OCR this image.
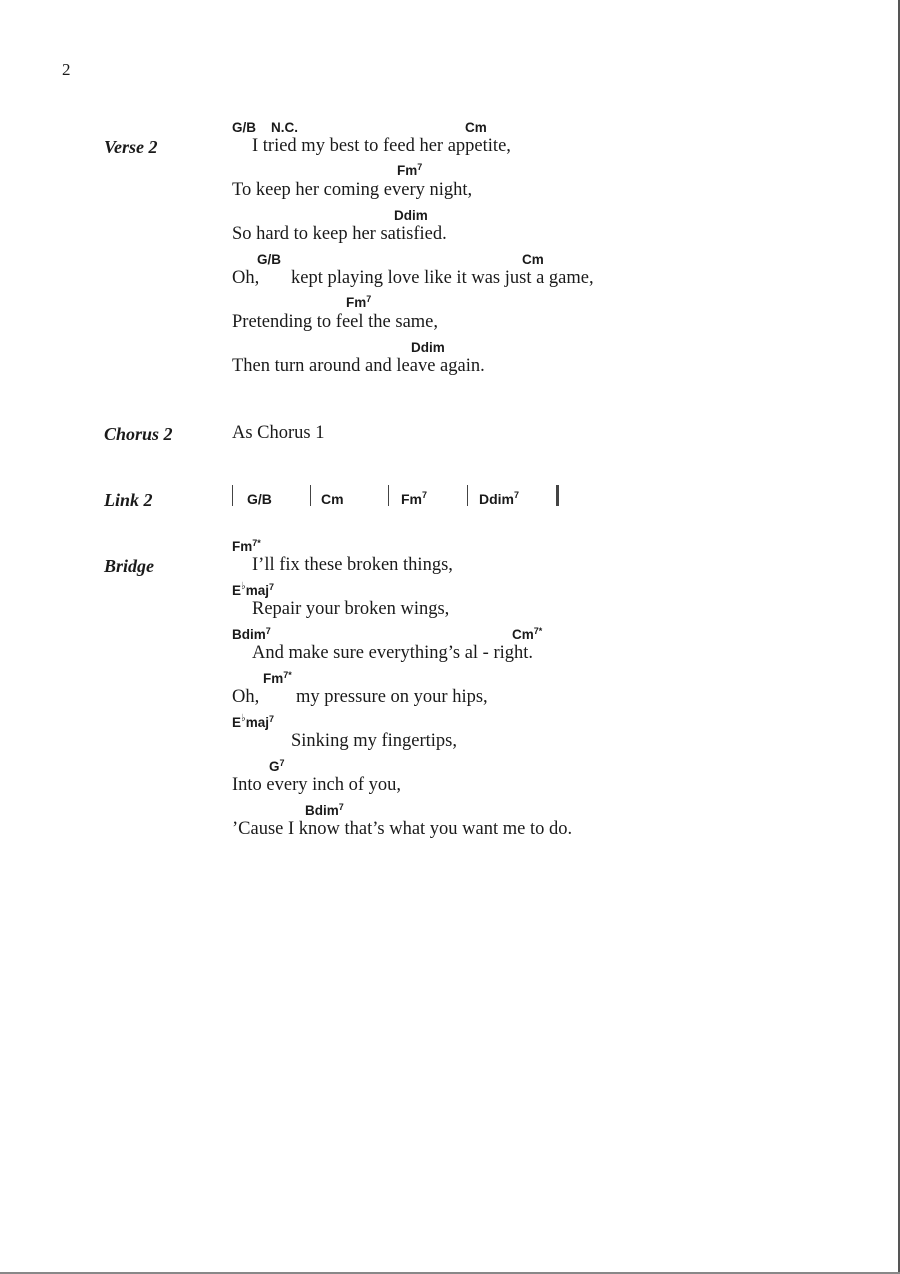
2
Verse 2
G/B N.C.	Cm
I tried my best to feed her appetite,
Fm$^7$
To keep her coming every night,
Ddim
So hard to keep her satisfied.
G/B	Cm
Oh, kept playing love like it was just a game,
Fm$^7$
Pretending to feel the same,
Ddim
Then turn around and leave again.
Chorus 2	As Chorus 1
Link 2	G/B	Cm	Fm$^7$	Ddim$^7$
Bridge
$Fm^{7*}$
I’ll fix these broken things,
E♭maj$^7$
Repair your broken wings,
Bdim$^7$	$Cm^{7*}$
And make sure everything’s al - right.
$Fm^{7*}$
Oh, my pressure on your hips,
E♭maj$^7$
Sinking my fingertips,
$G^7$
Into every inch of you,
Bdim$^7$
’Cause I know that’s what you want me to do.
